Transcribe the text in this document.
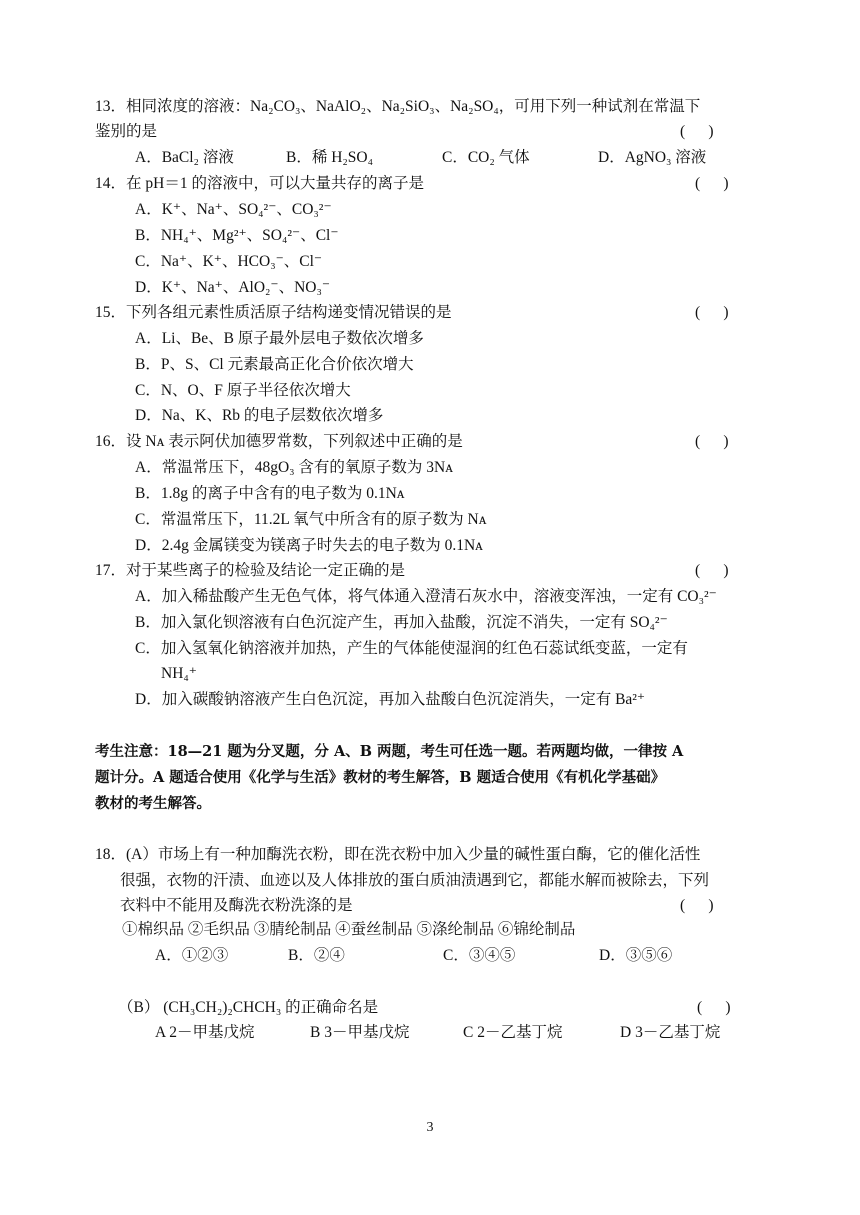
13．相同浓度的溶液：Na₂CO₃、NaAlO₂、Na₂SiO₃、Na₂SO₄，可用下列一种试剂在常温下
鉴别的是	(      )
A．BaCl₂ 溶液	B．稀 H₂SO₄	C．CO₂ 气体	D．AgNO₃ 溶液
14．在 pH＝1 的溶液中，可以大量共存的离子是	(      )
A．K⁺、Na⁺、SO₄²⁻、CO₃²⁻
B．NH₄⁺、Mg²⁺、SO₄²⁻、Cl⁻
C．Na⁺、K⁺、HCO₃⁻、Cl⁻
D．K⁺、Na⁺、AlO₂⁻、NO₃⁻
15．下列各组元素性质活原子结构递变情况错误的是	(      )
A．Li、Be、B 原子最外层电子数依次增多
B．P、S、Cl 元素最高正化合价依次增大
C．N、O、F 原子半径依次增大
D．Na、K、Rb 的电子层数依次增多
16．设 Nᴀ 表示阿伏加德罗常数，下列叙述中正确的是	(      )
A．常温常压下，48gO₃ 含有的氧原子数为 3Nᴀ
B．1.8g 的离子中含有的电子数为 0.1Nᴀ
C．常温常压下，11.2L 氧气中所含有的原子数为 Nᴀ
D．2.4g 金属镁变为镁离子时失去的电子数为 0.1Nᴀ
17．对于某些离子的检验及结论一定正确的是	(      )
A．加入稀盐酸产生无色气体，将气体通入澄清石灰水中，溶液变浑浊，一定有 CO₃²⁻
B．加入氯化钡溶液有白色沉淀产生，再加入盐酸，沉淀不消失，一定有 SO₄²⁻
C．加入氢氧化钠溶液并加热，产生的气体能使湿润的红色石蕊试纸变蓝，一定有
NH₄⁺
D．加入碳酸钠溶液产生白色沉淀，再加入盐酸白色沉淀消失，一定有 Ba²⁺
考生注意：18—21 题为分叉题，分 A、B 两题，考生可任选一题。若两题均做，一律按 A
题计分。A 题适合使用《化学与生活》教材的考生解答，B 题适合使用《有机化学基础》
教材的考生解答。
18．(A）市场上有一种加酶洗衣粉，即在洗衣粉中加入少量的碱性蛋白酶，它的催化活性
很强，衣物的汗渍、血迹以及人体排放的蛋白质油渍遇到它，都能水解而被除去，下列
衣料中不能用及酶洗衣粉洗涤的是	(      )
①棉织品 ②毛织品 ③腈纶制品 ④蚕丝制品 ⑤涤纶制品 ⑥锦纶制品
A．①②③	B．②④	C．③④⑤	D．③⑤⑥
（B） (CH₃CH₂)₂CHCH₃ 的正确命名是	(      )
A 2－甲基戊烷	B 3－甲基戊烷	C 2－乙基丁烷	D 3－乙基丁烷
3
